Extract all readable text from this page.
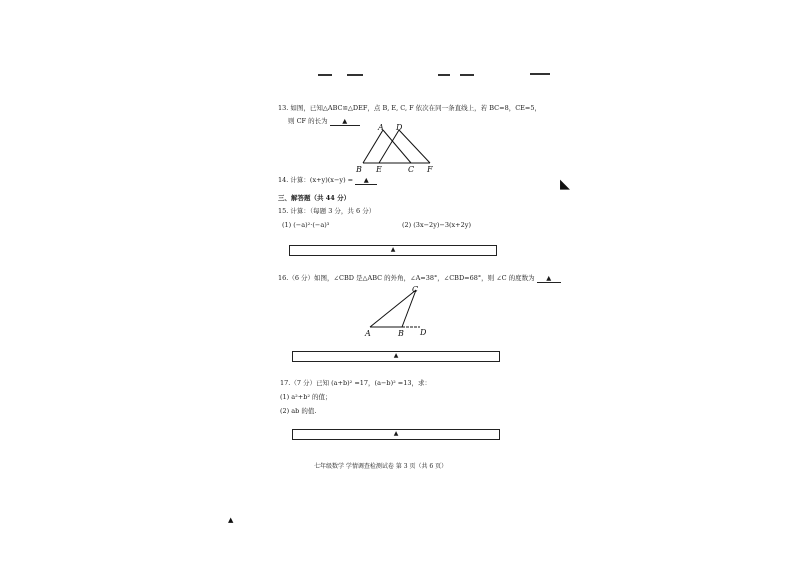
13. 如图，已知△ABC≌△DEF，点 B, E, C, F 依次在同一条直线上，若 BC=8，CE=5，
则 CF 的长为 ▲
A D
B E	C F
14. 计算：(x+y)(x−y) = ▲
三、解答题（共 44 分）
15. 计算：（每题 3 分，共 6 分）
(1) (−a)²·(−a)³	(2) (3x−2y)−3(x+2y)
▲
16.（6 分）如图，∠CBD 是△ABC 的外角，∠A=38°，∠CBD=68°，则 ∠C 的度数为 ▲
C
A	B D
▲
17.（7 分）已知 (a+b)² =17，(a−b)² =13，求：
(1) a²+b² 的值；
(2) ab 的值.
▲
七年级数学 学情调查检测试卷 第 3 页（共 6 页）
◣
▲
